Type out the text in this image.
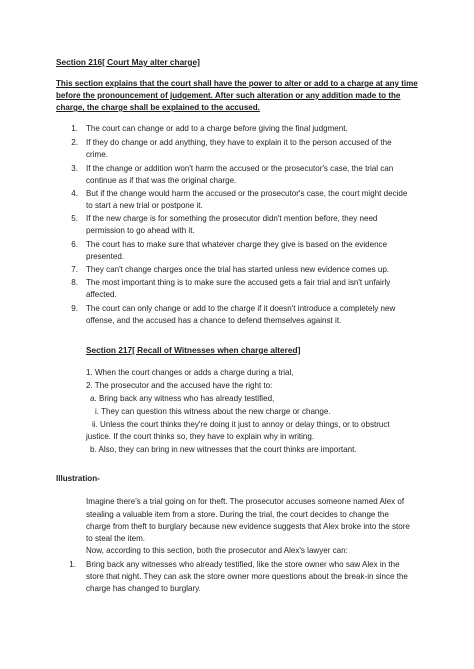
Section 216[ Court May alter charge]
This section explains that the court shall have the power to alter or add to a charge at any time
before the pronouncement of judgement. After such alteration or any addition made to the
charge, the charge shall be explained to the accused.
1. The court can change or add to a charge before giving the final judgment.
2. If they do change or add anything, they have to explain it to the person accused of the
crime.
3. If the change or addition won't harm the accused or the prosecutor's case, the trial can
continue as if that was the original charge.
4. But if the change would harm the accused or the prosecutor's case, the court might decide
to start a new trial or postpone it.
5. If the new charge is for something the prosecutor didn't mention before, they need
permission to go ahead with it.
6. The court has to make sure that whatever charge they give is based on the evidence
presented.
7. They can't change charges once the trial has started unless new evidence comes up.
8. The most important thing is to make sure the accused gets a fair trial and isn't unfairly
affected.
9. The court can only change or add to the charge if it doesn't introduce a completely new
offense, and the accused has a chance to defend themselves against it.
Section 217[ Recall of Witnesses when charge altered]
1. When the court changes or adds a charge during a trial,
2. The prosecutor and the accused have the right to:
a. Bring back any witness who has already testified,
i. They can question this witness about the new charge or change.
ii. Unless the court thinks they're doing it just to annoy or delay things, or to obstruct
justice. If the court thinks so, they have to explain why in writing.
b. Also, they can bring in new witnesses that the court thinks are important.
Illustration-
Imagine there's a trial going on for theft. The prosecutor accuses someone named Alex of
stealing a valuable item from a store. During the trial, the court decides to change the
charge from theft to burglary because new evidence suggests that Alex broke into the store
to steal the item.
Now, according to this section, both the prosecutor and Alex's lawyer can:
1. Bring back any witnesses who already testified, like the store owner who saw Alex in the
store that night. They can ask the store owner more questions about the break-in since the
charge has changed to burglary.
